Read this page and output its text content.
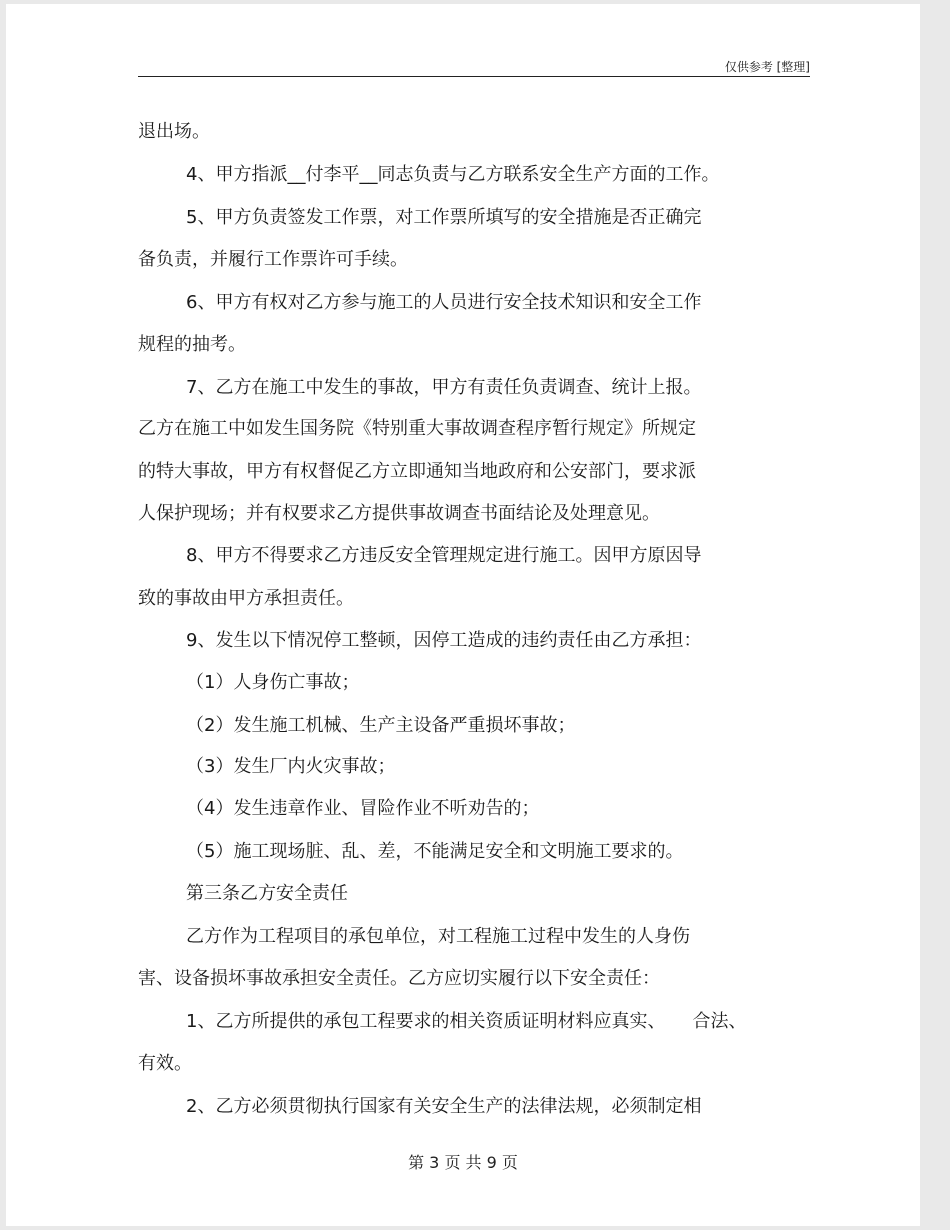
仅供参考 [整理]
退出场。
4、甲方指派__付李平__同志负责与乙方联系安全生产方面的工作。
5、甲方负责签发工作票，对工作票所填写的安全措施是否正确完
备负责，并履行工作票许可手续。
6、甲方有权对乙方参与施工的人员进行安全技术知识和安全工作
规程的抽考。
7、乙方在施工中发生的事故，甲方有责任负责调查、统计上报。
乙方在施工中如发生国务院《特别重大事故调查程序暂行规定》所规定
的特大事故，甲方有权督促乙方立即通知当地政府和公安部门，要求派
人保护现场；并有权要求乙方提供事故调查书面结论及处理意见。
8、甲方不得要求乙方违反安全管理规定进行施工。因甲方原因导
致的事故由甲方承担责任。
9、发生以下情况停工整顿，因停工造成的违约责任由乙方承担：
（1）人身伤亡事故；
（2）发生施工机械、生产主设备严重损坏事故；
（3）发生厂内火灾事故；
（4）发生违章作业、冒险作业不听劝告的；
（5）施工现场脏、乱、差，不能满足安全和文明施工要求的。
第三条乙方安全责任
乙方作为工程项目的承包单位，对工程施工过程中发生的人身伤
害、设备损坏事故承担安全责任。乙方应切实履行以下安全责任：
1、乙方所提供的承包工程要求的相关资质证明材料应真实、　　合法、
有效。
2、乙方必须贯彻执行国家有关安全生产的法律法规，必须制定相
第 3 页 共 9 页
